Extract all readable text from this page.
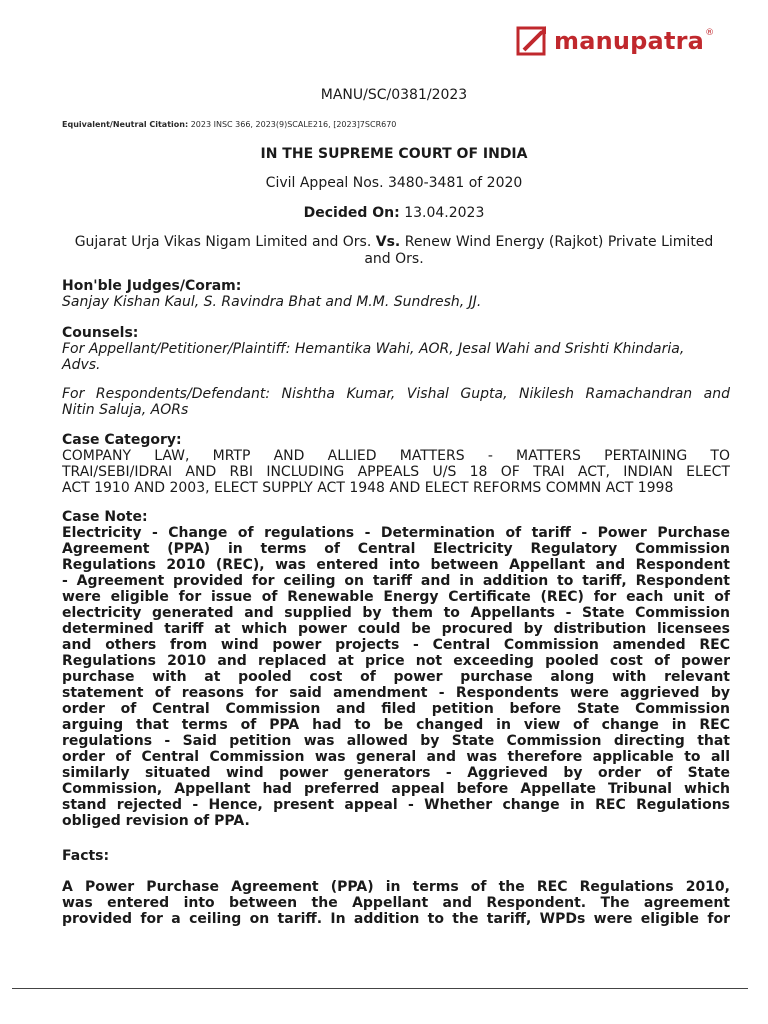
manupatra ®
MANU/SC/0381/2023
Equivalent/Neutral Citation: 2023 INSC 366, 2023(9)SCALE216, [2023]7SCR670
IN THE SUPREME COURT OF INDIA
Civil Appeal Nos. 3480-3481 of 2020
Decided On: 13.04.2023
Gujarat Urja Vikas Nigam Limited and Ors. Vs. Renew Wind Energy (Rajkot) Private Limited and Ors.
Hon'ble Judges/Coram:
Sanjay Kishan Kaul, S. Ravindra Bhat and M.M. Sundresh, JJ.
Counsels:
For Appellant/Petitioner/Plaintiff: Hemantika Wahi, AOR, Jesal Wahi and Srishti Khindaria,
Advs.
For Respondents/Defendant: Nishtha Kumar, Vishal Gupta, Nikilesh Ramachandran and
Nitin Saluja, AORs
Case Category:
COMPANY LAW, MRTP AND ALLIED MATTERS - MATTERS PERTAINING TO
TRAI/SEBI/IDRAI AND RBI INCLUDING APPEALS U/S 18 OF TRAI ACT, INDIAN ELECT
ACT 1910 AND 2003, ELECT SUPPLY ACT 1948 AND ELECT REFORMS COMMN ACT 1998
Case Note:
Electricity - Change of regulations - Determination of tariff - Power Purchase
Agreement (PPA) in terms of Central Electricity Regulatory Commission
Regulations 2010 (REC), was entered into between Appellant and Respondent
- Agreement provided for ceiling on tariff and in addition to tariff, Respondent
were eligible for issue of Renewable Energy Certificate (REC) for each unit of
electricity generated and supplied by them to Appellants - State Commission
determined tariff at which power could be procured by distribution licensees
and others from wind power projects - Central Commission amended REC
Regulations 2010 and replaced at price not exceeding pooled cost of power
purchase with at pooled cost of power purchase along with relevant
statement of reasons for said amendment - Respondents were aggrieved by
order of Central Commission and filed petition before State Commission
arguing that terms of PPA had to be changed in view of change in REC
regulations - Said petition was allowed by State Commission directing that
order of Central Commission was general and was therefore applicable to all
similarly situated wind power generators - Aggrieved by order of State
Commission, Appellant had preferred appeal before Appellate Tribunal which
stand rejected - Hence, present appeal - Whether change in REC Regulations
obliged revision of PPA.
Facts:
A Power Purchase Agreement (PPA) in terms of the REC Regulations 2010,
was entered into between the Appellant and Respondent. The agreement
provided for a ceiling on tariff. In addition to the tariff, WPDs were eligible for
